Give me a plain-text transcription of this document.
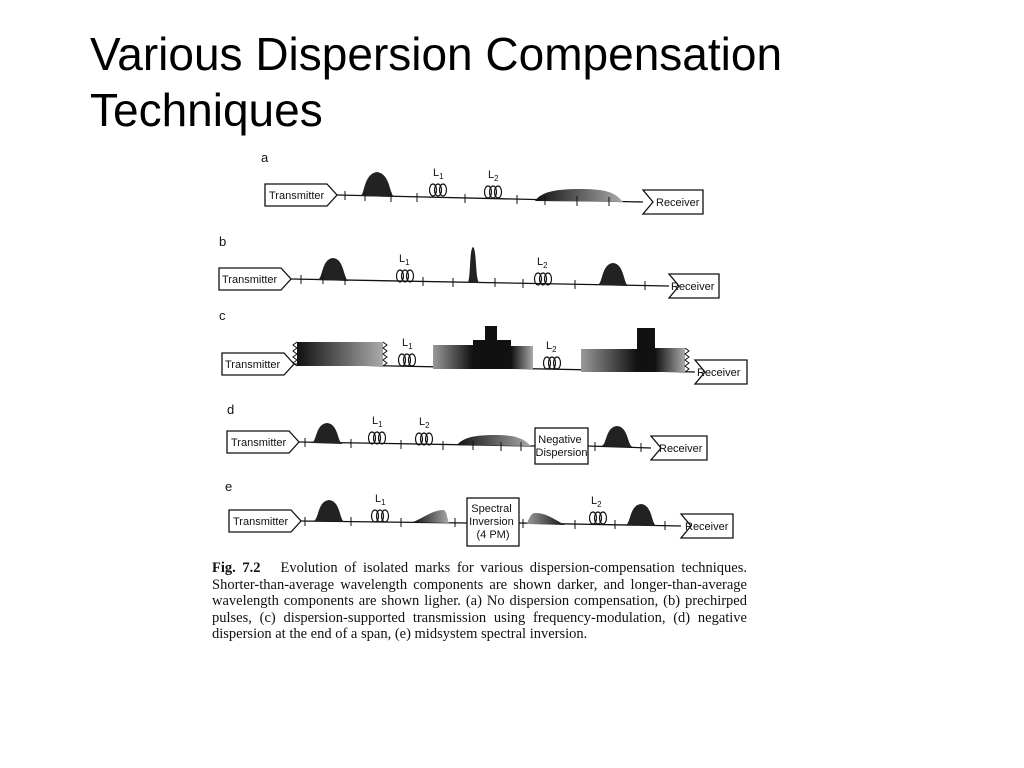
Various Dispersion Compensation Techniques
a
Transmitter
$L_1$	$L_2$
Receiver
b
Transmitter
$L_1$	$L_2$
Receiver
c
Transmitter
$L_1$	$L_2$
Receiver
d
Transmitter
$L_1$	$L_2$
Negative Dispersion	Receiver
e
Transmitter
$L_1$
Spectral Inversion (4 PM)
$L_2$
Receiver

Fig. 7.2 Evolution of isolated marks for various dispersion-compensation techniques. Shorter-than-average wavelength components are shown darker, and longer-than-average wavelength components are shown ligher. (a) No dispersion compensation, (b) prechirped pulses, (c) dispersion-supported transmission using frequency-modulation, (d) negative dispersion at the end of a span, (e) midsystem spectral inversion.
